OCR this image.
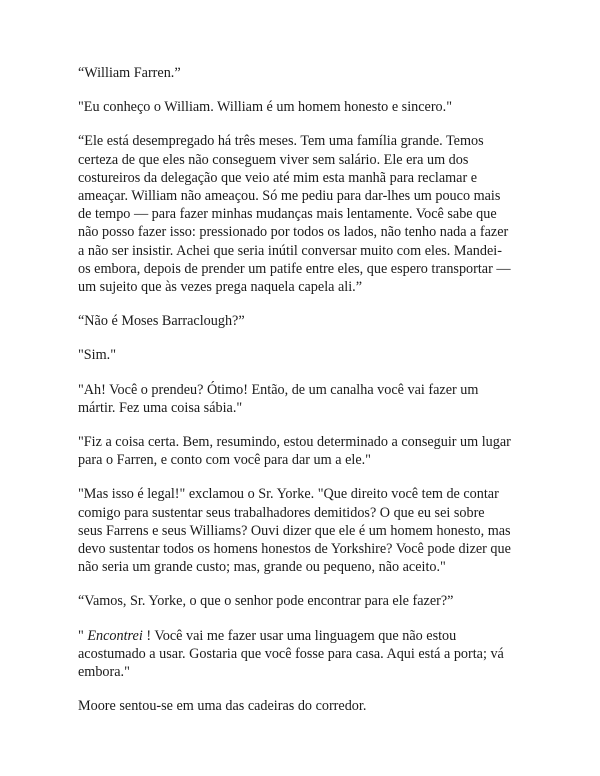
“William Farren.”

"Eu conheço o William. William é um homem honesto e sincero."

“Ele está desempregado há três meses. Tem uma família grande. Temos
certeza de que eles não conseguem viver sem salário. Ele era um dos
costureiros da delegação que veio até mim esta manhã para reclamar e
ameaçar. William não ameaçou. Só me pediu para dar-lhes um pouco mais
de tempo — para fazer minhas mudanças mais lentamente. Você sabe que
não posso fazer isso: pressionado por todos os lados, não tenho nada a fazer
a não ser insistir. Achei que seria inútil conversar muito com eles. Mandei-
os embora, depois de prender um patife entre eles, que espero transportar —
um sujeito que às vezes prega naquela capela ali.”

“Não é Moses Barraclough?”

"Sim."

"Ah! Você o prendeu? Ótimo! Então, de um canalha você vai fazer um
mártir. Fez uma coisa sábia."

"Fiz a coisa certa. Bem, resumindo, estou determinado a conseguir um lugar
para o Farren, e conto com você para dar um a ele."

"Mas isso é legal!" exclamou o Sr. Yorke. "Que direito você tem de contar
comigo para sustentar seus trabalhadores demitidos? O que eu sei sobre
seus Farrens e seus Williams? Ouvi dizer que ele é um homem honesto, mas
devo sustentar todos os homens honestos de Yorkshire? Você pode dizer que
não seria um grande custo; mas, grande ou pequeno, não aceito."

“Vamos, Sr. Yorke, o que o senhor pode encontrar para ele fazer?”

" Encontrei ! Você vai me fazer usar uma linguagem que não estou
acostumado a usar. Gostaria que você fosse para casa. Aqui está a porta; vá
embora."

Moore sentou-se em uma das cadeiras do corredor.
